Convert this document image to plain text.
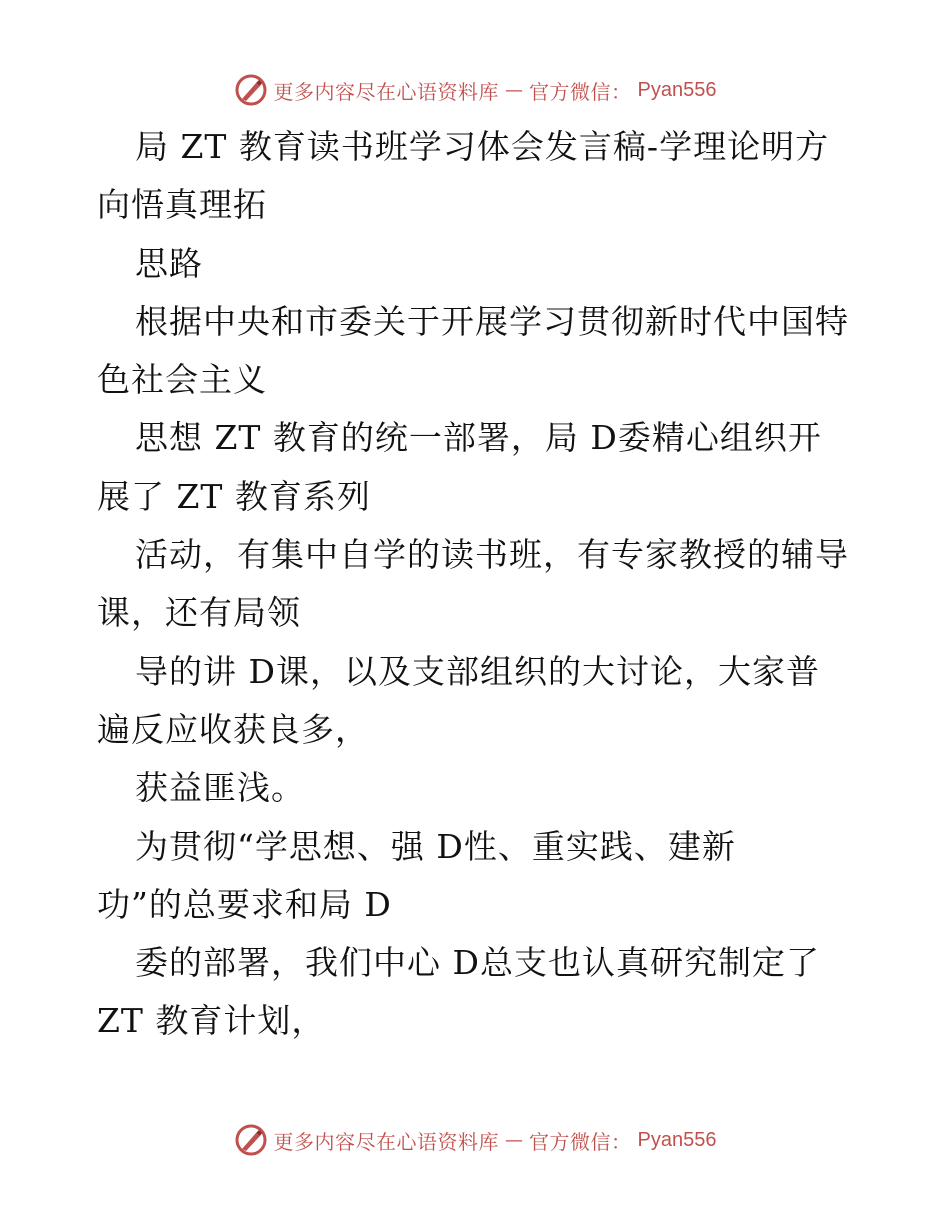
更多内容尽在心语资料库 — 官方微信： Pyan556
局 ZT 教育读书班学习体会发言稿-学理论明方
向悟真理拓
思路
根据中央和市委关于开展学习贯彻新时代中国特
色社会主义
思想 ZT 教育的统一部署，局 D委精心组织开
展了 ZT 教育系列
活动，有集中自学的读书班，有专家教授的辅导
课，还有局领
导的讲 D课，以及支部组织的大讨论，大家普
遍反应收获良多，
获益匪浅。
为贯彻“学思想、强 D性、重实践、建新
功”的总要求和局 D
委的部署，我们中心 D总支也认真研究制定了
ZT 教育计划，
更多内容尽在心语资料库 — 官方微信： Pyan556
